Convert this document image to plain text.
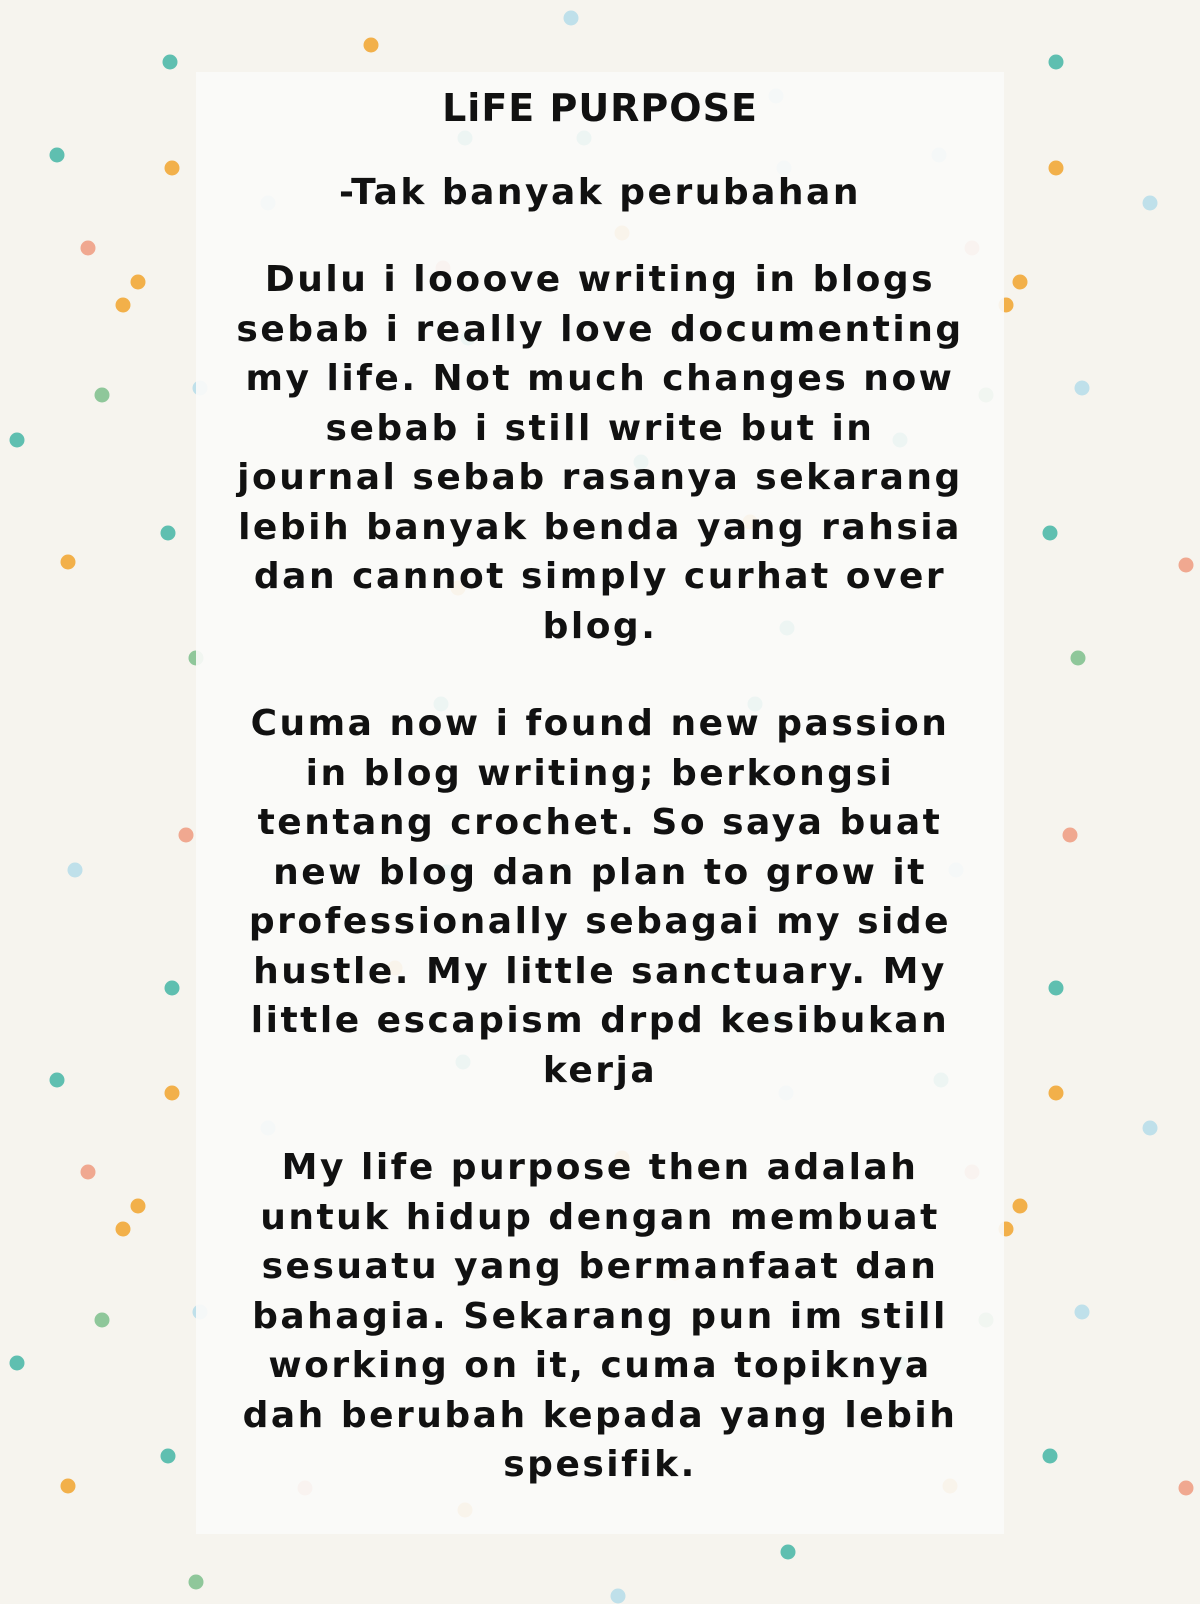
LiFE PURPOSE
-Tak banyak perubahan
Dulu i looove writing in blogs
sebab i really love documenting
my life. Not much changes now
sebab i still write but in
journal sebab rasanya sekarang
lebih banyak benda yang rahsia
dan cannot simply curhat over
blog.
Cuma now i found new passion
in blog writing; berkongsi
tentang crochet. So saya buat
new blog dan plan to grow it
professionally sebagai my side
hustle. My little sanctuary. My
little escapism drpd kesibukan
kerja
My life purpose then adalah
untuk hidup dengan membuat
sesuatu yang bermanfaat dan
bahagia. Sekarang pun im still
working on it, cuma topiknya
dah berubah kepada yang lebih
spesifik.
